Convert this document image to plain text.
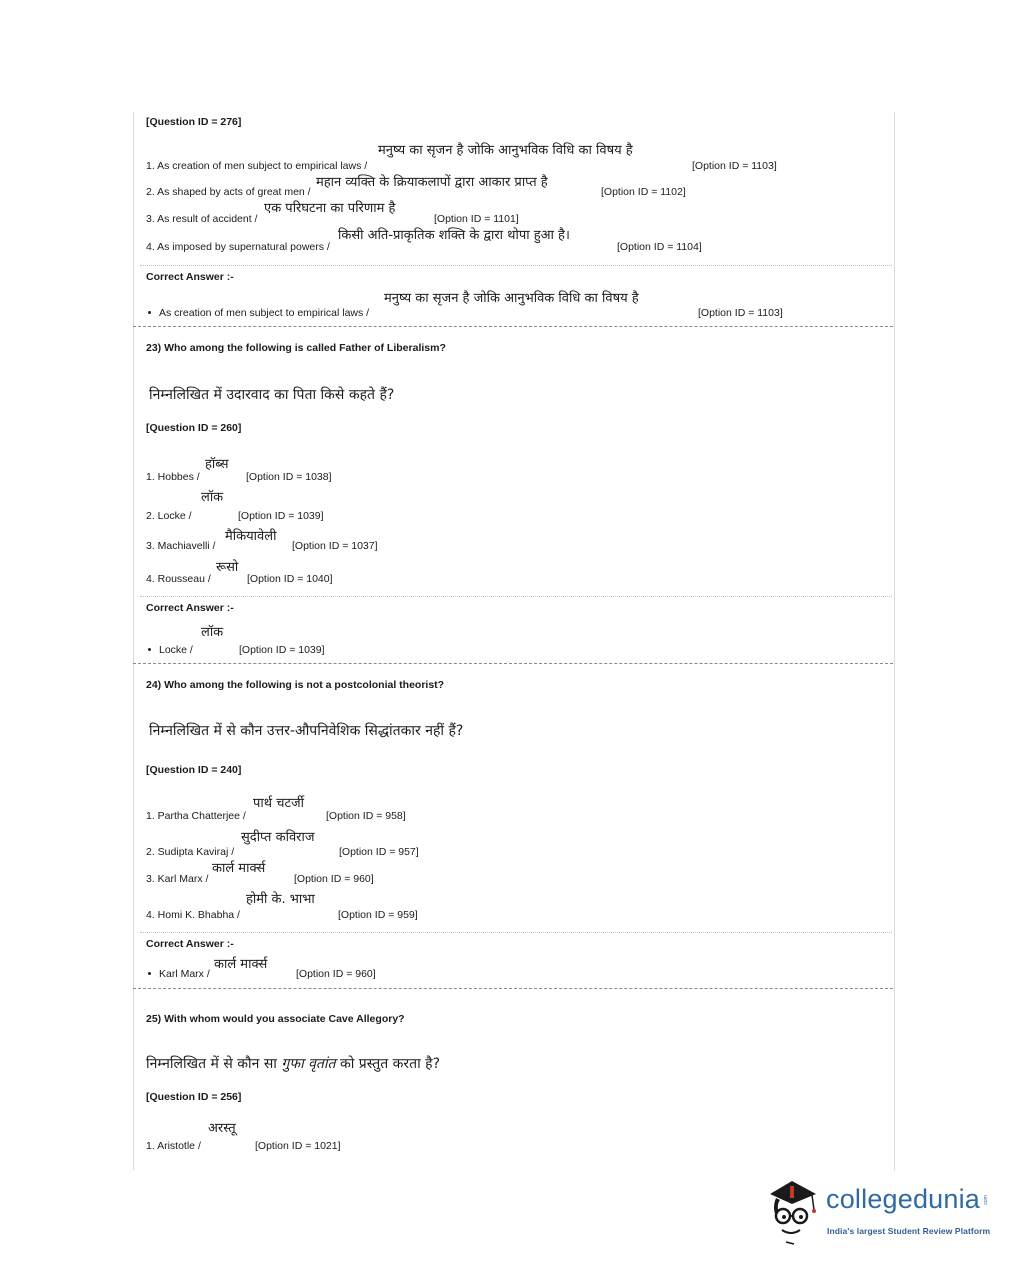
[Question ID = 276]
मनुष्य का सृजन है जोकि आनुभविक विधि का विषय है
1. As creation of men subject to empirical laws /	[Option ID = 1103]
महान व्यक्ति के क्रियाकलापों द्वारा आकार प्राप्त है
2. As shaped by acts of great men /	[Option ID = 1102]
एक परिघटना का परिणाम है
3. As result of accident /	[Option ID = 1101]
किसी अति-प्राकृतिक शक्ति के द्वारा थोपा हुआ है।
4. As imposed by supernatural powers /	[Option ID = 1104]
Correct Answer :-
मनुष्य का सृजन है जोकि आनुभविक विधि का विषय है
As creation of men subject to empirical laws /	[Option ID = 1103]
23) Who among the following is called Father of Liberalism?
निम्नलिखित में उदारवाद का पिता किसे कहते हैं?
[Question ID = 260]
हॉब्स
1. Hobbes /	[Option ID = 1038]
लॉक
2. Locke /	[Option ID = 1039]
मैकियावेली
3. Machiavelli /	[Option ID = 1037]
रूसो
4. Rousseau /	[Option ID = 1040]
Correct Answer :-
लॉक
Locke /	[Option ID = 1039]
24) Who among the following is not a postcolonial theorist?
निम्नलिखित में से कौन उत्तर-औपनिवेशिक सिद्धांतकार नहीं हैं?
[Question ID = 240]
पार्थ चटर्जी
1. Partha Chatterjee /	[Option ID = 958]
सुदीप्त कविराज
2. Sudipta Kaviraj /	[Option ID = 957]
कार्ल मार्क्स
3. Karl Marx /	[Option ID = 960]
होमी के. भाभा
4. Homi K. Bhabha /	[Option ID = 959]
Correct Answer :-
कार्ल मार्क्स
Karl Marx /	[Option ID = 960]
25) With whom would you associate Cave Allegory?
निम्नलिखित में से कौन सा गुफा वृतांत को प्रस्तुत करता है?
[Question ID = 256]
अरस्तू
1. Aristotle /	[Option ID = 1021]
collegedunia .com
India's largest Student Review Platform
